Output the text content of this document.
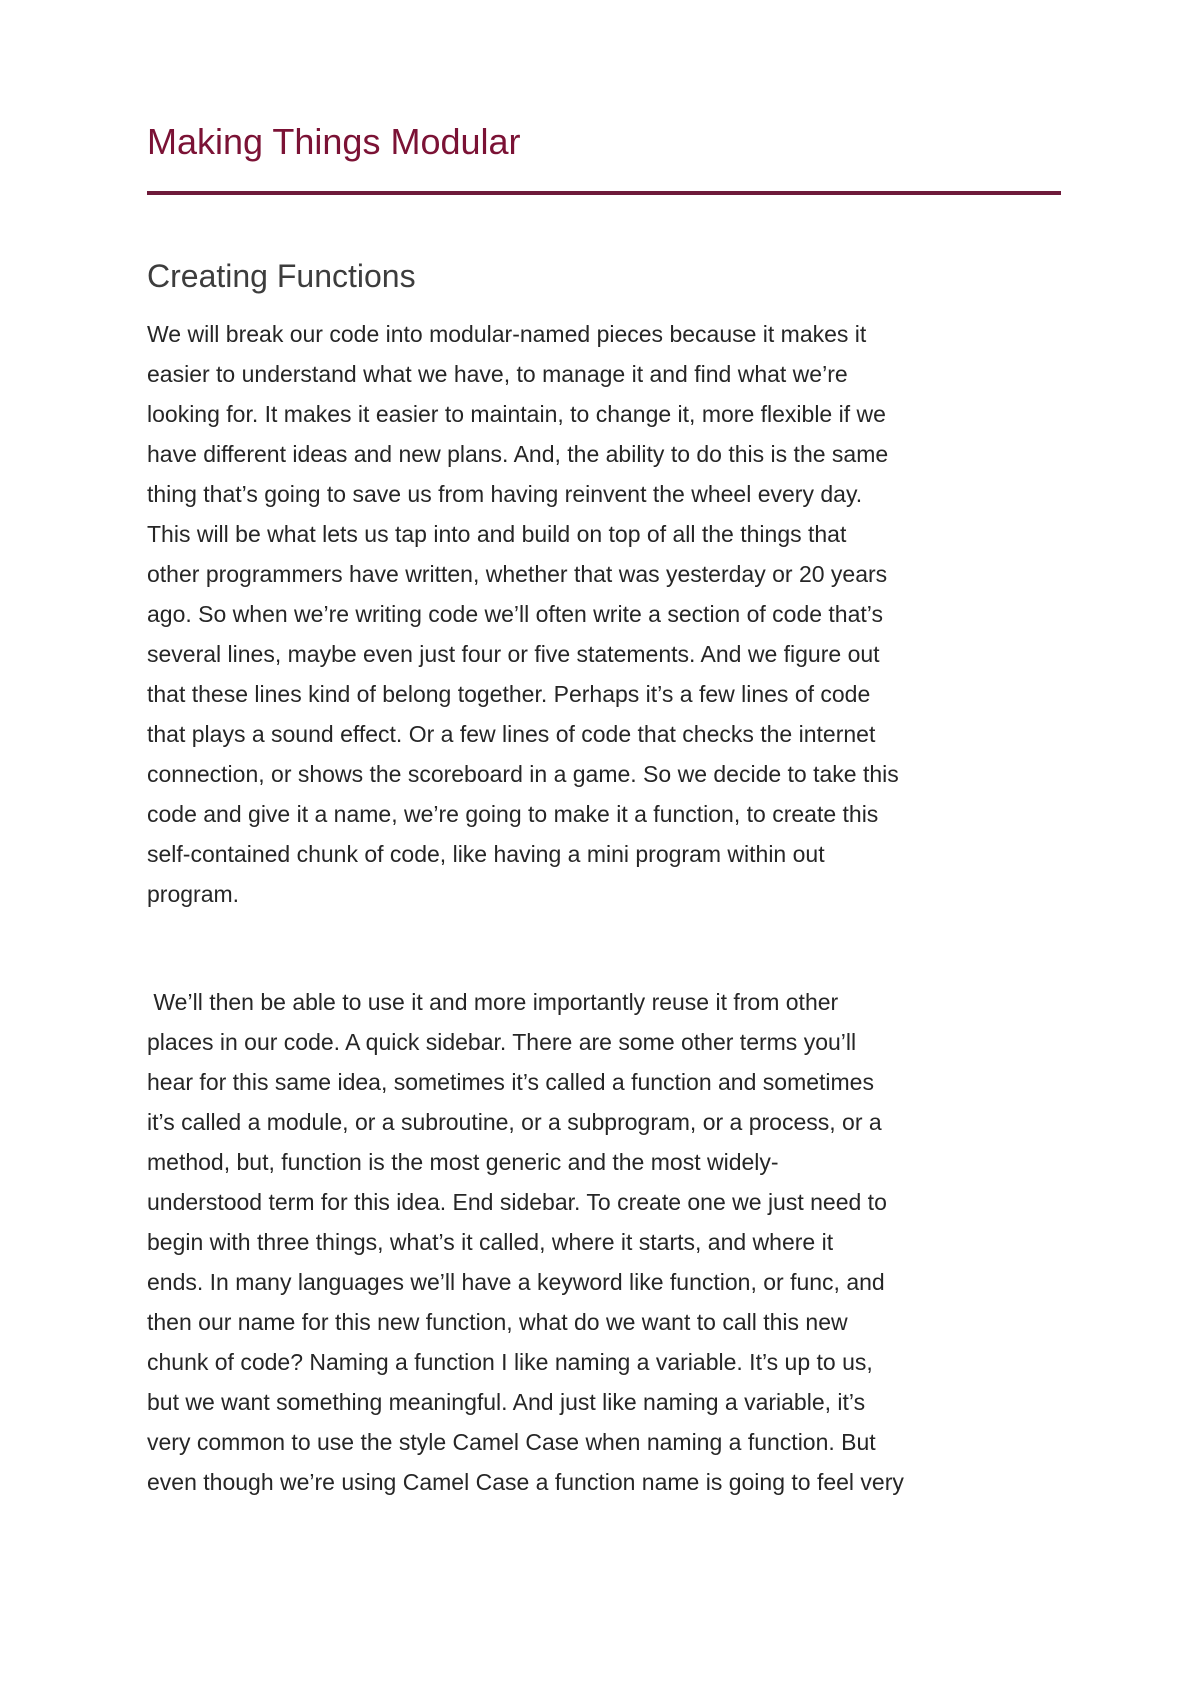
Making Things Modular
Creating Functions

We will break our code into modular-named pieces because it makes it
easier to understand what we have, to manage it and find what we’re
looking for. It makes it easier to maintain, to change it, more flexible if we
have different ideas and new plans. And, the ability to do this is the same
thing that’s going to save us from having reinvent the wheel every day.
This will be what lets us tap into and build on top of all the things that
other programmers have written, whether that was yesterday or 20 years
ago. So when we’re writing code we’ll often write a section of code that’s
several lines, maybe even just four or five statements. And we figure out
that these lines kind of belong together. Perhaps it’s a few lines of code
that plays a sound effect. Or a few lines of code that checks the internet
connection, or shows the scoreboard in a game. So we decide to take this
code and give it a name, we’re going to make it a function, to create this
self-contained chunk of code, like having a mini program within out
program.

We’ll then be able to use it and more importantly reuse it from other
places in our code. A quick sidebar. There are some other terms you’ll
hear for this same idea, sometimes it’s called a function and sometimes
it’s called a module, or a subroutine, or a subprogram, or a process, or a
method, but, function is the most generic and the most widely-
understood term for this idea. End sidebar. To create one we just need to
begin with three things, what’s it called, where it starts, and where it
ends. In many languages we’ll have a keyword like function, or func, and
then our name for this new function, what do we want to call this new
chunk of code? Naming a function I like naming a variable. It’s up to us,
but we want something meaningful. And just like naming a variable, it’s
very common to use the style Camel Case when naming a function. But
even though we’re using Camel Case a function name is going to feel very
